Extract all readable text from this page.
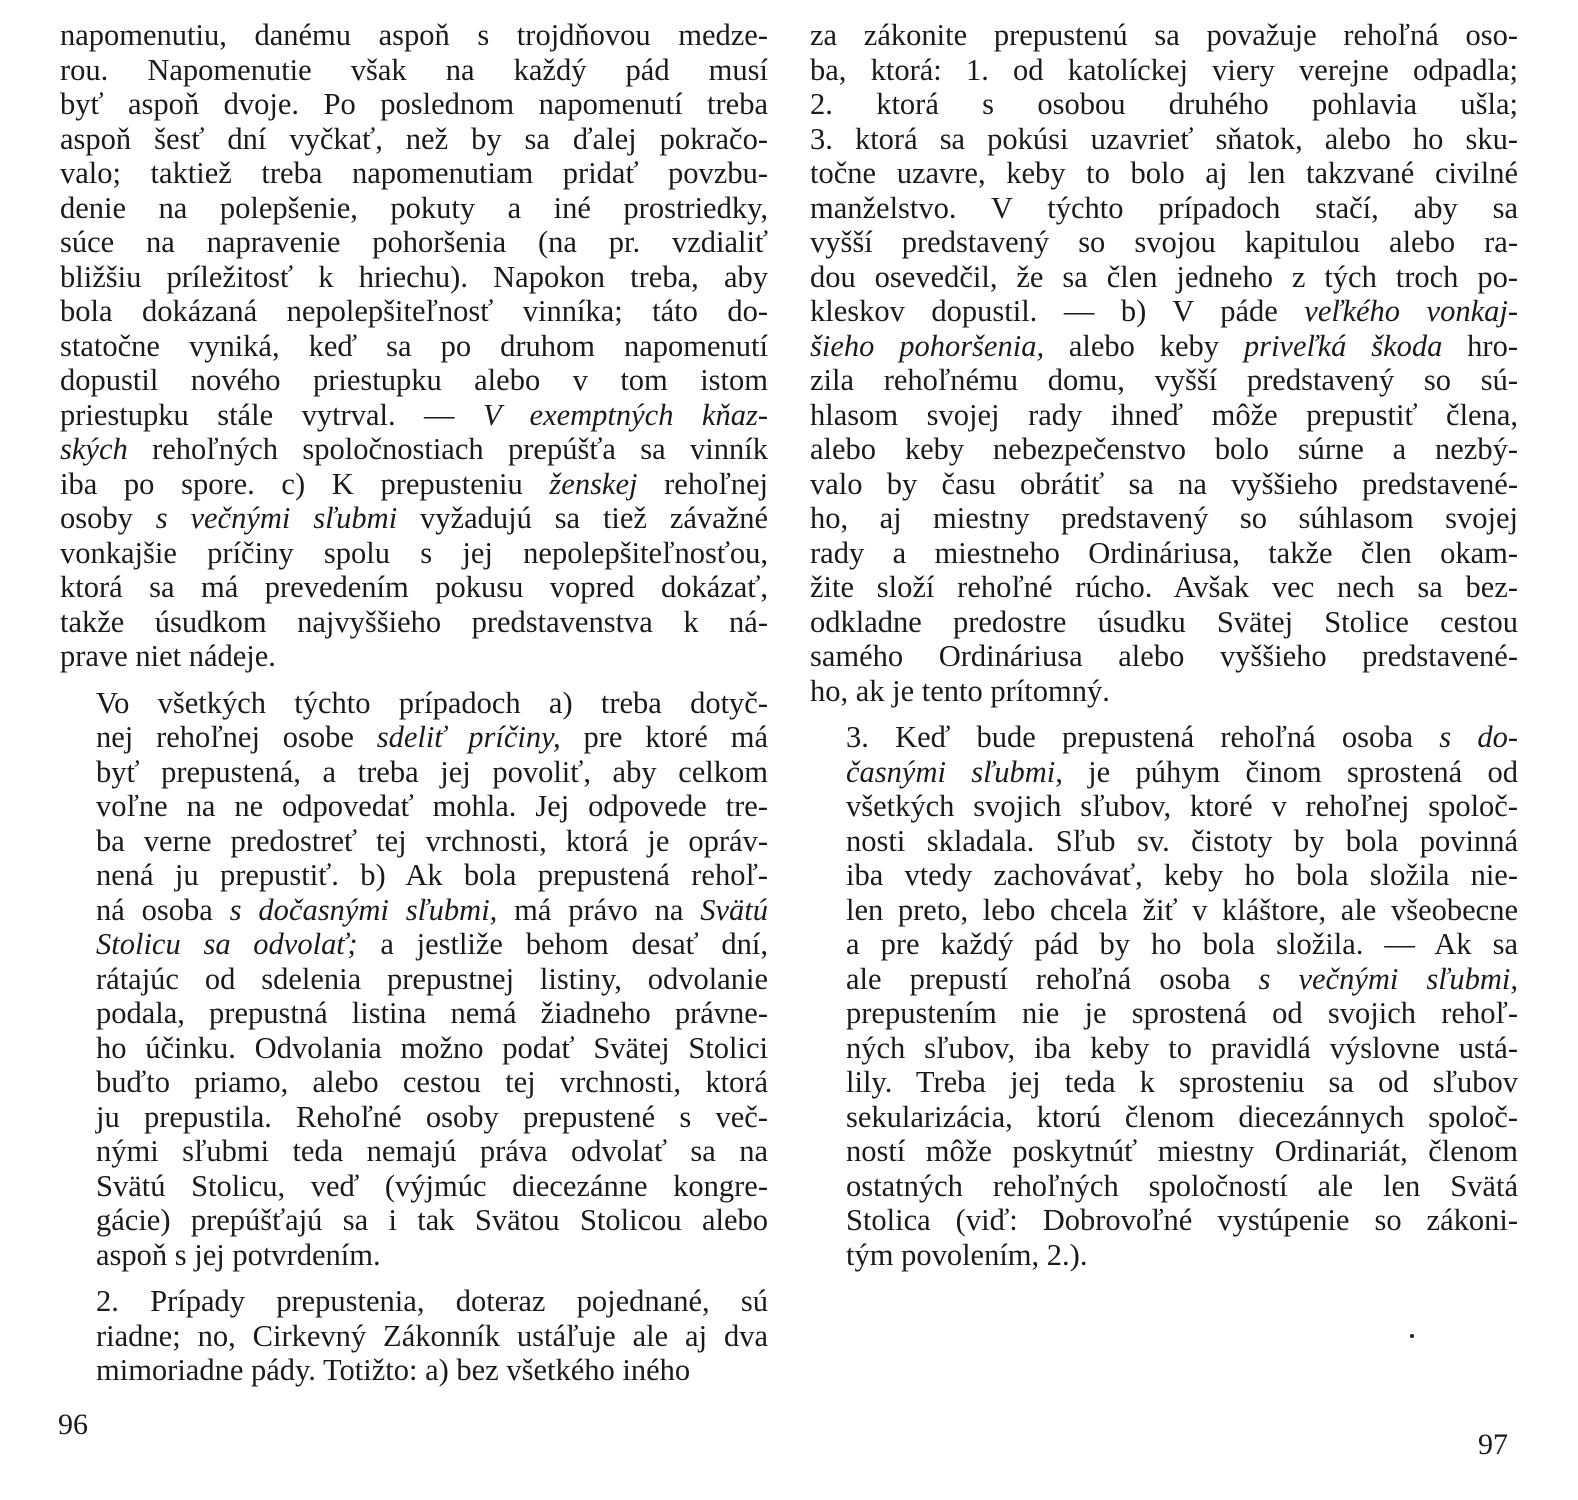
napomenutiu, danému aspoň s trojdňovou medze-
rou. Napomenutie však na každý pád musí
byť aspoň dvoje. Po poslednom napomenutí treba
aspoň šesť dní vyčkať, než by sa ďalej pokračo-
valo; taktiež treba napomenutiam pridať povzbu-
denie na polepšenie, pokuty a iné prostriedky,
súce na napravenie pohoršenia (na pr. vzdialiť
bližšiu príležitosť k hriechu). Napokon treba, aby
bola dokázaná nepolepšiteľnosť vinníka; táto do-
statočne vyniká, keď sa po druhom napomenutí
dopustil nového priestupku alebo v tom istom
priestupku stále vytrval. — V exemptných kňaz-
ských rehoľných spoločnostiach prepúšťa sa vinník
iba po spore. c) K prepusteniu ženskej rehoľnej
osoby s večnými sľubmi vyžadujú sa tiež závažné
vonkajšie príčiny spolu s jej nepolepšiteľnosťou,
ktorá sa má prevedením pokusu vopred dokázať,
takže úsudkom najvyššieho predstavenstva k ná-
prave niet nádeje.

Vo všetkých týchto prípadoch a) treba dotyč-
nej rehoľnej osobe sdeliť príčiny, pre ktoré má
byť prepustená, a treba jej povoliť, aby celkom
voľne na ne odpovedať mohla. Jej odpovede tre-
ba verne predostreť tej vrchnosti, ktorá je opráv-
nená ju prepustiť. b) Ak bola prepustená rehoľ-
ná osoba s dočasnými sľubmi, má právo na Svätú
Stolicu sa odvolať; a jestliže behom desať dní,
rátajúc od sdelenia prepustnej listiny, odvolanie
podala, prepustná listina nemá žiadneho právne-
ho účinku. Odvolania možno podať Svätej Stolici
buďto priamo, alebo cestou tej vrchnosti, ktorá
ju prepustila. Rehoľné osoby prepustené s več-
nými sľubmi teda nemajú práva odvolať sa na
Svätú Stolicu, veď (výjmúc diecezánne kongre-
gácie) prepúšťajú sa i tak Svätou Stolicou alebo
aspoň s jej potvrdením.

2. Prípady prepustenia, doteraz pojednané, sú
riadne; no, Cirkevný Zákonník ustáľuje ale aj dva
mimoriadne pády. Totižto: a) bez všetkého iného

za zákonite prepustenú sa považuje rehoľná oso-
ba, ktorá: 1. od katolíckej viery verejne odpadla;
2. ktorá s osobou druhého pohlavia ušla;
3. ktorá sa pokúsi uzavrieť sňatok, alebo ho sku-
točne uzavre, keby to bolo aj len takzvané civilné
manželstvo. V týchto prípadoch stačí, aby sa
vyšší predstavený so svojou kapitulou alebo ra-
dou osevedčil, že sa člen jedneho z tých troch po-
kleskov dopustil. — b) V páde veľkého vonkaj-
šieho pohoršenia, alebo keby priveľká škoda hro-
zila rehoľnému domu, vyšší predstavený so sú-
hlasom svojej rady ihneď môže prepustiť člena,
alebo keby nebezpečenstvo bolo súrne a nezbý-
valo by času obrátiť sa na vyššieho predstavené-
ho, aj miestny predstavený so súhlasom svojej
rady a miestneho Ordináriusa, takže člen okam-
žite složí rehoľné rúcho. Avšak vec nech sa bez-
odkladne predostre úsudku Svätej Stolice cestou
samého Ordináriusa alebo vyššieho predstavené-
ho, ak je tento prítomný.

3. Keď bude prepustená rehoľná osoba s do-
časnými sľubmi, je púhym činom sprostená od
všetkých svojich sľubov, ktoré v rehoľnej spoloč-
nosti skladala. Sľub sv. čistoty by bola povinná
iba vtedy zachovávať, keby ho bola složila nie-
len preto, lebo chcela žiť v kláštore, ale všeobecne
a pre každý pád by ho bola složila. — Ak sa
ale prepustí rehoľná osoba s večnými sľubmi,
prepustením nie je sprostená od svojich rehoľ-
ných sľubov, iba keby to pravidlá výslovne ustá-
lily. Treba jej teda k sprosteniu sa od sľubov
sekularizácia, ktorú členom diecezánnych spoloč-
ností môže poskytnúť miestny Ordinariát, členom
ostatných rehoľných spoločností ale len Svätá
Stolica (viď: Dobrovoľné vystúpenie so zákoni-
tým povolením, 2.).

96
97
